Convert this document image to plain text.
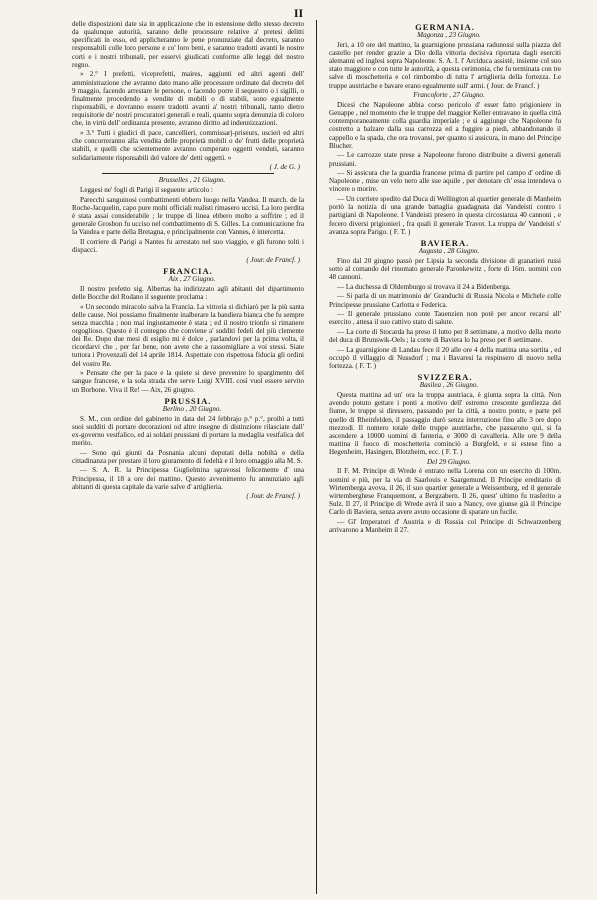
II

delle disposizioni date sia in applicazione che in estensione dello stesso decreto da qualunque autorità, saranno delle processure relative a' pretesi delitti specificati in esso, ed applicheranno le pene pronunziate dal decreto, saranno responsabili colle loro persone e co' loro beni, e saranno tradotti avanti le nostre corti e i nostri tribunali, per esservi giudicati conforme alle leggi del nostro regno.

» 2.° I prefetti, viceprefetti, maires, aggiunti ed altri agenti dell' amministrazione che avranno dato mano alle processure ordinate dal decreto del 9 maggio, facendo arrestare le persone, o facendo porre il sequestro o i sigilli, o finalmente procedendo a vendite di mobili o di stabili, sono egualmente risponsabili, e dovranno essere tradotti avanti a' nostri tribunali, tanto dietro requisitorie de' nostri procuratori generali e reali, quanto sopra denunzia di coloro che, in virtù dell' ordinanza presente, avranno diritto ad indennizzazioni.

» 3.° Tutti i giudici di pace, cancellieri, commissarj-priseurs, uscieri ed altri che concorreranno alla vendita delle proprietà mobili o de' frutti delle proprietà stabili, e quelli che scientemente avranno comperato oggetti venduti, saranno solidariamente risponsabili del valore de' detti oggetti. »

( J. de G. )

Brusselles , 21 Giugno.

Leggesi ne' fogli di Parigi il seguente articolo :

Parecchi sanguinosi combattimenti ebbero luogo nella Vandea. Il march. de la Roche-Jacquelin, capo pure molti officiali realisti rimasero uccisi. La loro perdita è stata assai considerabile ; le truppe di linea ebbero molto a soffrire ; ed il generale Grosbon fu ucciso nel combattimento di S. Gilles. La comunicazione fra la Vandea e parte della Bretagna, e principalmente con Vannes, è intercetta.

Il corriere di Parigi a Nantes fu arrestato nel suo viaggio, e gli furono tolti i dispacci.

( Jour. de Francf. )

FRANCIA.

Aix , 27 Giugno.

Il nostro prefetto sig. Albertas ha indirizzato agli abitanti del dipartimento delle Bocche del Rodano il seguente proclama :

« Un secondo miracolo salva la Francia. La vittoria si dichiarò per la più santa delle cause. Noi possiamo finalmente inalberare la bandiera bianca che fu sempre senza macchia ; non mai ingiustamente è stata ; ed il nostro trionfo si rimanere orgoglioso. Questo è il contegno che conviene a' sudditi fedeli del più clemente dei Re. Dopo due mesi di esiglio mi è dolce , parlandovi per la prima volta, il ricordarvi che , per far bene, non avete che a rassomigliare a voi stessi. Siate tuttora i Provenzali del 14 aprile 1814. Aspettate con rispettosa fiducia gli ordini del vostro Re.

» Pensate che per la pace e la quiete si deve prevenire lo spargimento del sangue francese, e la sola strada che serve Luigi XVIII. così vuol essere servito un Borbone. Viva il Re! — Aix, 26 giugno.

PRUSSIA.

Berlino , 20 Giugno.

S. M., con ordine del gabinetto in data del 24 febbrajo p.° p.°, proibì a tutti suoi sudditi di portare decorazioni od altre insegne di distinzione rilasciate dall' ex-governo vestfalico, ed ai soldati prussiani di portare la medaglia vestfalica del merito.

— Sono qui giunti da Posnania alcuni deputati della nobiltà e della cittadinanza per prestare il loro giuramento di fedeltà e il loro omaggio alla M. S.

— S. A. R. la Principessa Guglielmina sgravossi felicemente d' una Principessa, il 18 a ore dei mattino. Questo avvenimento fu annunziato agli abitanti di questa capitale da varie salve d' artiglieria.

( Jour. de Francf. )

GERMANIA.

Magonza , 23 Giugno.

Jeri, a 10 ore del mattino, la guarnigione prussiana radunossi sulla piazza del castello per render grazie a Dio della vittoria decisiva riportata dagli eserciti alemanni ed inglesi sopra Napoleone. S. A. I. l' Arciduca assistè, insieme col suo stato maggiore e con tutte le autorità, a questa cerimonia, che fu terminata con tre salve di moschetteria e col rimbombo di tutta l' artiglieria della fortezza. Le truppe austriache e bavare erano egualmente sull' armi. ( Jour. de Francf. )

Francoforte , 27 Giugno.

Dicesi che Napoleone abbia corso pericolo d' esser fatto prigioniere in Genappe , nel momento che le truppe del maggior Keller entravano in quella città contemporaneamente colla guardia imperiale ; e si aggiunge che Napoleone fu costretto a balzare dalla sua carrozza ed a fuggire a piedi, abbandonando il cappello e la spada, che ora trovansi, per quanto si assicura, in mano del Principe Blucher.

— Le carrozze state prese a Napoleone furono distribuite a diversi generali prussiani.

— Si assicura che la guardia francese prima di partire pel campo d' ordine di Napoleone , mise un velo nero alle sue aquile , per denotare ch' essa intendeva o vincere o morire.

— Un corriere spedito dal Duca di Wellington al quartier generale di Manheim portò la notizia di una grande battaglia guadagnata dai Vandeisti contro i partigiani di Napoleone. I Vandeisti presero in questa circostanza 40 cannoni , e fecero diversi prigionieri , fra quali il generale Travot. La truppa de' Vandeisti s' avanza sopra Parigo. ( F. T. )

BAVIERA.

Augusta , 28 Giugno.

Fino dal 20 giugno passò per Lipsia la seconda divisione di granatieri russi sotto al comando del rinomato generale Paronkewitz , forte di 16m. uomini con 48 cannoni.

— La duchessa di Oldemburgo si trovava il 24 a Bidenberga.

— Si parla di un matrimonio de' Granduchi di Russia Nicola e Michele colle Principesse prussiane Carlotta e Federica.

— Il generale prussiano conte Tauenzien non potè per ancor recarsi all' esercito , attesa il suo cattivo stato di salute.

— La corte di Stocarda ha preso il lutto per 8 settimane, a motivo della morte del duca di Brunswik-Oels ; la corte di Baviera lo ha preso per 8 settimane.

— La guarnigione di Landau fece il 20 alle ore 4 della mattina una sortita , ed occupò il villaggio di Nussdorf ; ma i Bavaresi la respinsero di nuovo nella fortezza. ( F. T. )

SVIZZERA.

Basilea , 26 Giugno.

Questa mattina ad un' ora la truppa austriaca, è giunta sopra la città. Non avendo potuto gettare i ponti a motivo dell' estremo crescente gonfiezza del fiume, le truppe si diressero, passando per la città, a nostro ponte, e parte pel quello di Rheinfelden, il passaggio durò senza interruzione fino alle 3 ore dopo mezzodì. Il numero totale delle truppe austriache, che passarono qui, si fa ascendere a 10000 uomini di fanteria, e 3000 di cavalleria. Alle ore 9 della mattina il fuoco di moschetteria cominciò a Burgfeld, e si estese fino a Hegenheim, Hasingen, Blotzheim, ecc. ( F. T. )

Del 29 Giugno.

Il F. M. Principe di Wrede è entrato nella Lorena con un esercito di 100m. uomini e più, per la via di Saarlouis e Saargemund. Il Principe ereditario di Wirtemberga avova, il 26, il suo quartier generale a Weissenburg, ed il generale wirtemberghese Franquemont, a Bergzabern. Il 26, quest' ultimo fu trasferito a Sulz. Il 27, il Principe di Wrede avrà il suo a Nancy, ove giunse già il Principe Carlo di Baviera, senza avere avuto occasione di sparare un fucile.

— Gl' Imperatori d' Austria e di Russia col Principe di Schwarzenberg arrivarono a Manheim il 27.
